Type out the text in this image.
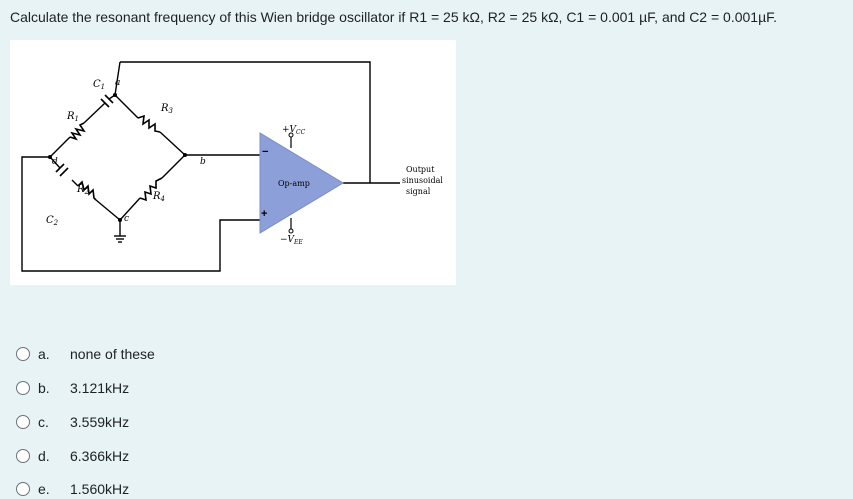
Calculate the resonant frequency of this Wien bridge oscillator if R1 = 25 kΩ, R2 = 25 kΩ, C1 = 0.001 µF, and C2 = 0.001µF.
$C_1$ a
$R_1$
$R_3$
d	b
$R_2$	$R_4$
$C_2$	c
$+V_{CC}$
$-V_{EE}$
Op-amp
−
+
Output
sinusoidal
signal
a.	none of these
b.	3.121kHz
c.	3.559kHz
d.	6.366kHz
e.	1.560kHz
